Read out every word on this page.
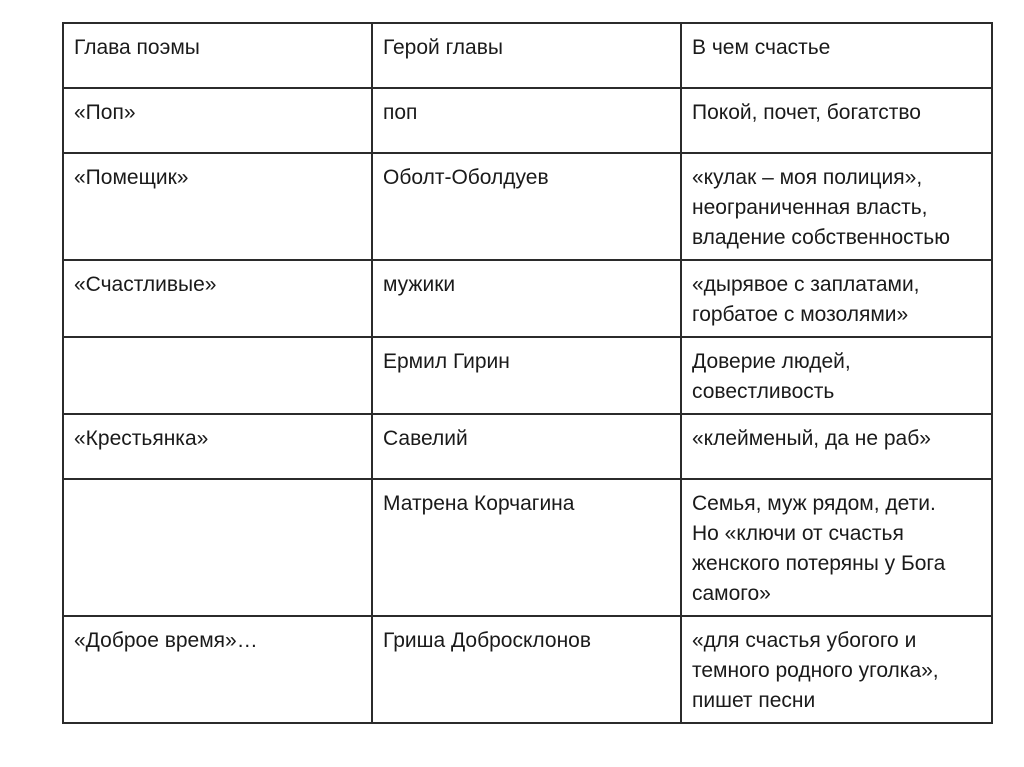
Глава поэмы	Герой главы	В чем счастье
«Поп»	поп	Покой, почет, богатство
«Помещик»	Оболт-Оболдуев	«кулак – моя полиция»,
неограниченная власть,
владение собственностью
«Счастливые»	мужики	«дырявое с заплатами,
горбатое с мозолями»
	Ермил Гирин	Доверие людей,
совестливость
«Крестьянка»	Савелий	«клейменый, да не раб»
	Матрена Корчагина	Семья, муж рядом, дети.
Но «ключи от счастья
женского потеряны у Бога
самого»
«Доброе время»…	Гриша Добросклонов	«для счастья убогого и
темного родного уголка»,
пишет песни
